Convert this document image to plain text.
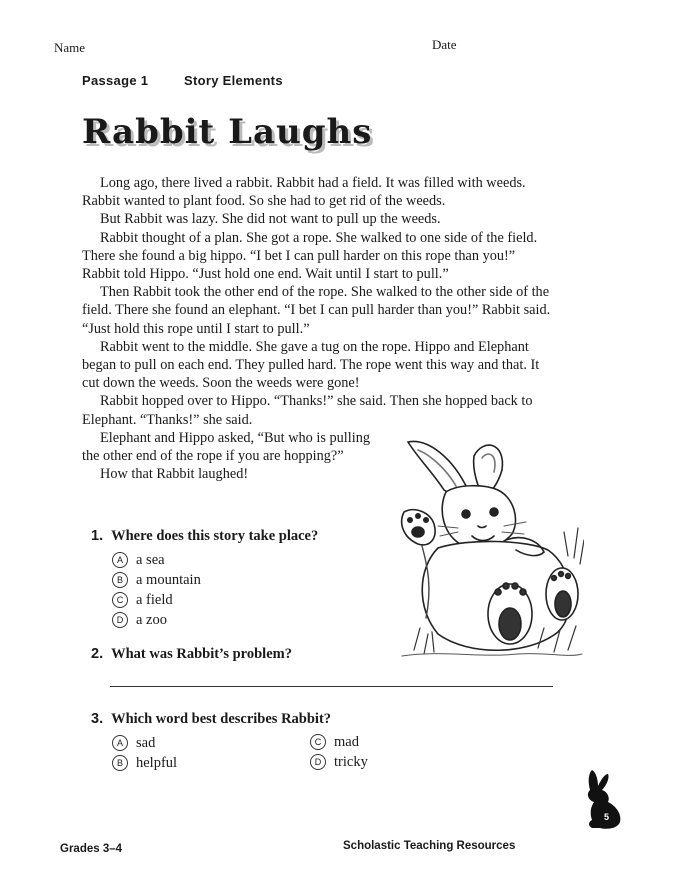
Name	Date
Passage 1	Story Elements
Rabbit Laughs

Long ago, there lived a rabbit. Rabbit had a field. It was filled with weeds. Rabbit wanted to plant food. So she had to get rid of the weeds.

But Rabbit was lazy. She did not want to pull up the weeds.

Rabbit thought of a plan. She got a rope. She walked to one side of the field. There she found a big hippo. “I bet I can pull harder on this rope than you!” Rabbit told Hippo. “Just hold one end. Wait until I start to pull.”

Then Rabbit took the other end of the rope. She walked to the other side of the field. There she found an elephant. “I bet I can pull harder than you!” Rabbit said. “Just hold this rope until I start to pull.”

Rabbit went to the middle. She gave a tug on the rope. Hippo and Elephant began to pull on each end. They pulled hard. The rope went this way and that. It cut down the weeds. Soon the weeds were gone!

Rabbit hopped over to Hippo. “Thanks!” she said. Then she hopped back to Elephant. “Thanks!” she said.

Elephant and Hippo asked, “But who is pulling the other end of the rope if you are hopping?”

How that Rabbit laughed!

1. Where does this story take place?
A a sea
B a mountain
C a field
D a zoo
2. What was Rabbit’s problem?
3. Which word best describes Rabbit?
A sad
B helpful
C mad
D tricky
5
Grades 3–4	Scholastic Teaching Resources
